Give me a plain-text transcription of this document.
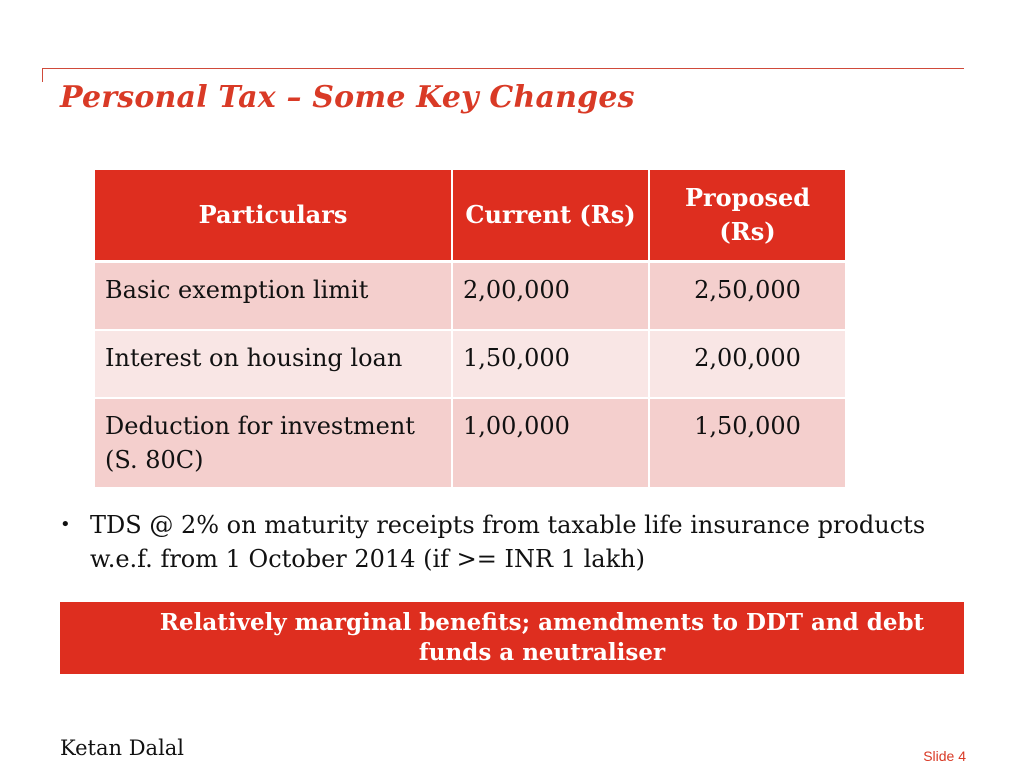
Personal Tax – Some Key Changes
Particulars	Current (Rs)	Proposed (Rs)
Basic exemption limit	2,00,000	2,50,000
Interest on housing loan	1,50,000	2,00,000
Deduction for investment (S. 80C)	1,00,000	1,50,000
• TDS @ 2% on maturity receipts from taxable life insurance products w.e.f. from 1 October 2014 (if >= INR 1 lakh)
Relatively marginal benefits; amendments to DDT and debt funds a neutraliser
Ketan Dalal	Slide 4
